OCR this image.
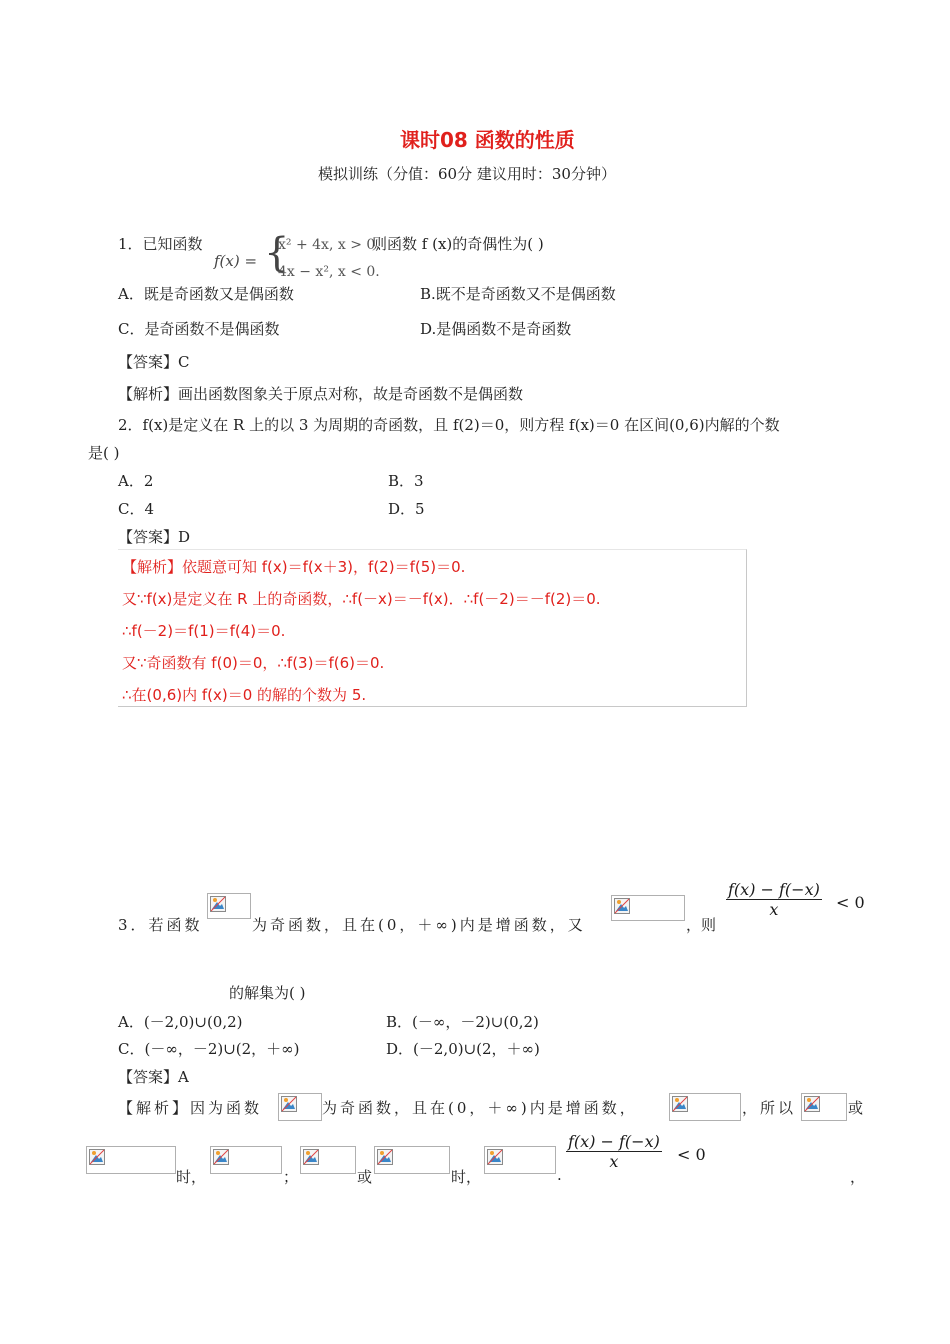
课时08 函数的性质
模拟训练（分值：60分 建议用时：30分钟）
1．已知函数
f(x) = {
x² + 4x, x > 0,
4x − x², x < 0.
则函数 f (x)的奇偶性为( )
A．既是奇函数又是偶函数	B.既不是奇函数又不是偶函数
C．是奇函数不是偶函数	D.是偶函数不是奇函数
【答案】C
【解析】画出函数图象关于原点对称，故是奇函数不是偶函数
2．f(x)是定义在 R 上的以 3 为周期的奇函数，且 f(2)＝0，则方程 f(x)＝0 在区间(0,6)内解的个数
是( )
A．2	B．3
C．4	D．5
【答案】D
【解析】依题意可知 f(x)＝f(x＋3)，f(2)＝f(5)＝0.
又∵f(x)是定义在 R 上的奇函数，∴f(－x)＝－f(x)．∴f(－2)＝－f(2)＝0.
∴f(－2)＝f(1)＝f(4)＝0.
又∵奇函数有 f(0)＝0，∴f(3)＝f(6)＝0.
∴在(0,6)内 f(x)＝0 的解的个数为 5.
3．若函数	为奇函数，且在(0，＋∞)内是增函数，又	，则
$\frac{f(x) - f(-x)}{x} < 0$
的解集为( )
A．(－2,0)∪(0,2)	B．(－∞，－2)∪(0,2)
C．(－∞，－2)∪(2，＋∞)	D．(－2,0)∪(2，＋∞)
【答案】A
【解析】因为函数	为奇函数，且在(0，＋∞)内是增函数，	，所以	或
时，	；	或	时，	.
$\frac{f(x) - f(-x)}{x} < 0$
，
